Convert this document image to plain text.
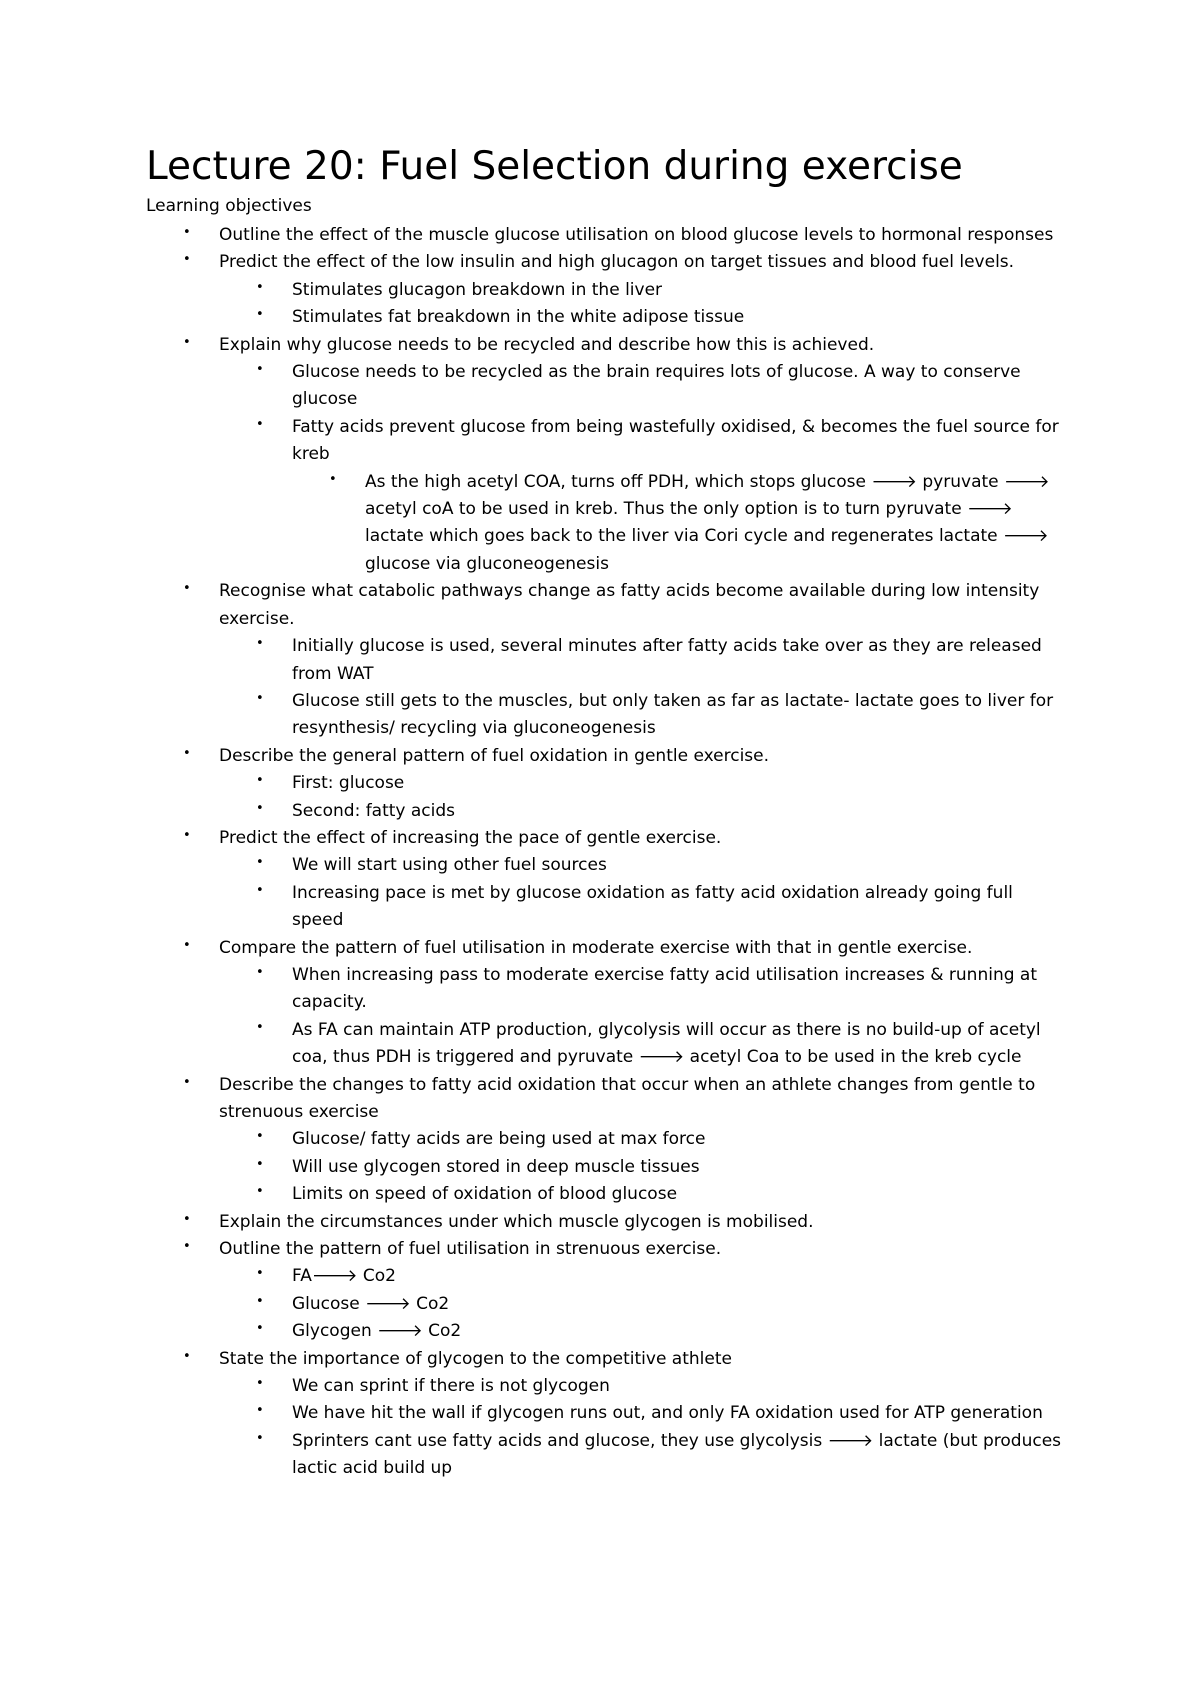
Lecture 20: Fuel Selection during exercise
Learning objectives
• Outline the effect of the muscle glucose utilisation on blood glucose levels to hormonal responses
• Predict the effect of the low insulin and high glucagon on target tissues and blood fuel levels.
• Stimulates glucagon breakdown in the liver
• Stimulates fat breakdown in the white adipose tissue
• Explain why glucose needs to be recycled and describe how this is achieved.
• Glucose needs to be recycled as the brain requires lots of glucose. A way to conserve glucose
• Fatty acids prevent glucose from being wastefully oxidised, & becomes the fuel source for kreb
• As the high acetyl COA, turns off PDH, which stops glucose 🡒 pyruvate 🡒 acetyl coA to be used in kreb. Thus the only option is to turn pyruvate 🡒 lactate which goes back to the liver via Cori cycle and regenerates lactate 🡒 glucose via gluconeogenesis
• Recognise what catabolic pathways change as fatty acids become available during low intensity exercise.
• Initially glucose is used, several minutes after fatty acids take over as they are released from WAT
• Glucose still gets to the muscles, but only taken as far as lactate- lactate goes to liver for resynthesis/ recycling via gluconeogenesis
• Describe the general pattern of fuel oxidation in gentle exercise.
• First: glucose
• Second: fatty acids
• Predict the effect of increasing the pace of gentle exercise.
• We will start using other fuel sources
• Increasing pace is met by glucose oxidation as fatty acid oxidation already going full speed
• Compare the pattern of fuel utilisation in moderate exercise with that in gentle exercise.
• When increasing pass to moderate exercise fatty acid utilisation increases & running at capacity.
• As FA can maintain ATP production, glycolysis will occur as there is no build-up of acetyl coa, thus PDH is triggered and pyruvate 🡒 acetyl Coa to be used in the kreb cycle
• Describe the changes to fatty acid oxidation that occur when an athlete changes from gentle to strenuous exercise
• Glucose/ fatty acids are being used at max force
• Will use glycogen stored in deep muscle tissues
• Limits on speed of oxidation of blood glucose
• Explain the circumstances under which muscle glycogen is mobilised.
• Outline the pattern of fuel utilisation in strenuous exercise.
• FA🡒 Co2
• Glucose 🡒 Co2
• Glycogen 🡒 Co2
• State the importance of glycogen to the competitive athlete
• We can sprint if there is not glycogen
• We have hit the wall if glycogen runs out, and only FA oxidation used for ATP generation
• Sprinters cant use fatty acids and glucose, they use glycolysis 🡒 lactate (but produces lactic acid build up
